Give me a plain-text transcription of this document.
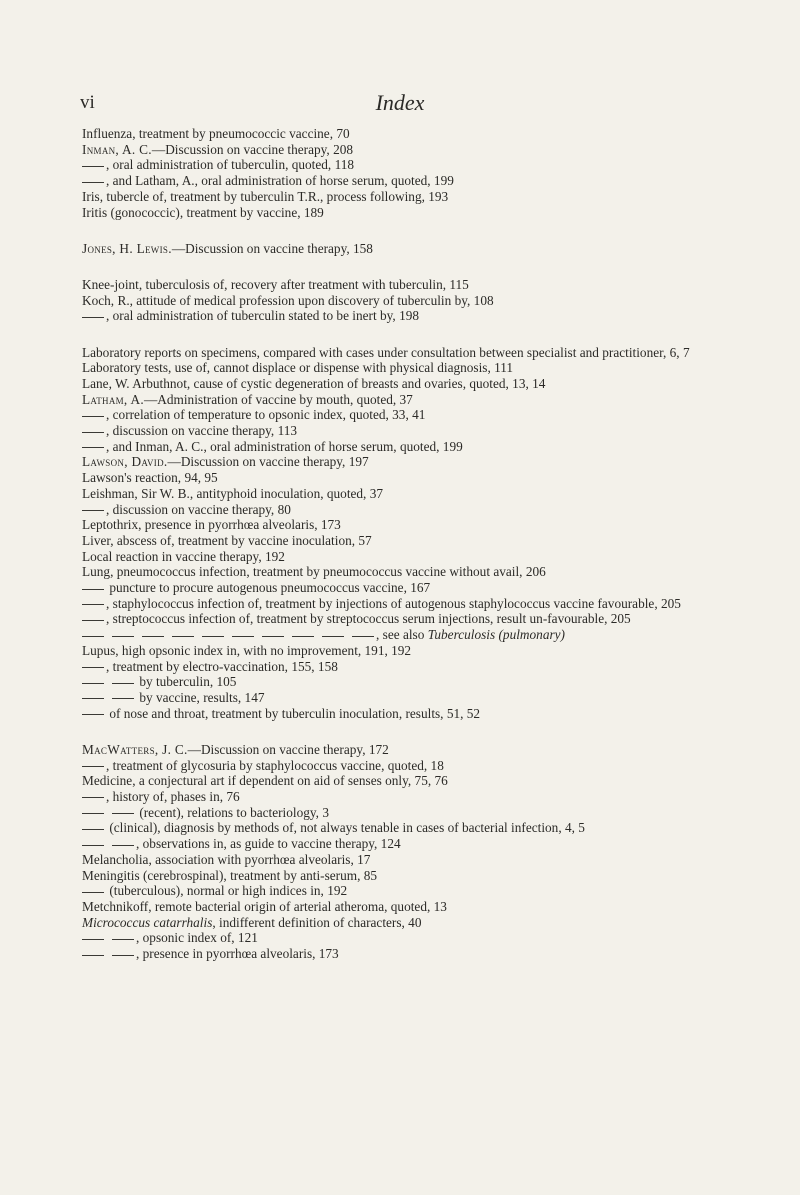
vi	Index
Influenza, treatment by pneumococcic vaccine, 70
Inman, A. C.—Discussion on vaccine therapy, 208
, oral administration of tuberculin, quoted, 118
, and Latham, A., oral administration of horse serum, quoted, 199
Iris, tubercle of, treatment by tuberculin T.R., process following, 193
Iritis (gonococcic), treatment by vaccine, 189
Jones, H. Lewis.—Discussion on vaccine therapy, 158
Knee-joint, tuberculosis of, recovery after treatment with tuberculin, 115
Koch, R., attitude of medical profession upon discovery of tuberculin by, 108
, oral administration of tuberculin stated to be inert by, 198
Laboratory reports on specimens, compared with cases under consultation between specialist and practitioner, 6, 7
Laboratory tests, use of, cannot displace or dispense with physical diagnosis, 111
Lane, W. Arbuthnot, cause of cystic degeneration of breasts and ovaries, quoted, 13, 14
Latham, A.—Administration of vaccine by mouth, quoted, 37
, correlation of temperature to opsonic index, quoted, 33, 41
, discussion on vaccine therapy, 113
, and Inman, A. C., oral administration of horse serum, quoted, 199
Lawson, David.—Discussion on vaccine therapy, 197
Lawson's reaction, 94, 95
Leishman, Sir W. B., antityphoid inoculation, quoted, 37
, discussion on vaccine therapy, 80
Leptothrix, presence in pyorrhœa alveolaris, 173
Liver, abscess of, treatment by vaccine inoculation, 57
Local reaction in vaccine therapy, 192
Lung, pneumococcus infection, treatment by pneumococcus vaccine without avail, 206
puncture to procure autogenous pneumococcus vaccine, 167
, staphylococcus infection of, treatment by injections of autogenous staphylococcus vaccine favourable, 205
, streptococcus infection of, treatment by streptococcus serum injections, result un-favourable, 205
, see also Tuberculosis (pulmonary)
Lupus, high opsonic index in, with no improvement, 191, 192
, treatment by electro-vaccination, 155, 158
by tuberculin, 105
by vaccine, results, 147
of nose and throat, treatment by tuberculin inoculation, results, 51, 52
MacWatters, J. C.—Discussion on vaccine therapy, 172
, treatment of glycosuria by staphylococcus vaccine, quoted, 18
Medicine, a conjectural art if dependent on aid of senses only, 75, 76
, history of, phases in, 76
(recent), relations to bacteriology, 3
(clinical), diagnosis by methods of, not always tenable in cases of bacterial infection, 4, 5
, observations in, as guide to vaccine therapy, 124
Melancholia, association with pyorrhœa alveolaris, 17
Meningitis (cerebrospinal), treatment by anti-serum, 85
(tuberculous), normal or high indices in, 192
Metchnikoff, remote bacterial origin of arterial atheroma, quoted, 13
Micrococcus catarrhalis, indifferent definition of characters, 40
, opsonic index of, 121
, presence in pyorrhœa alveolaris, 173
